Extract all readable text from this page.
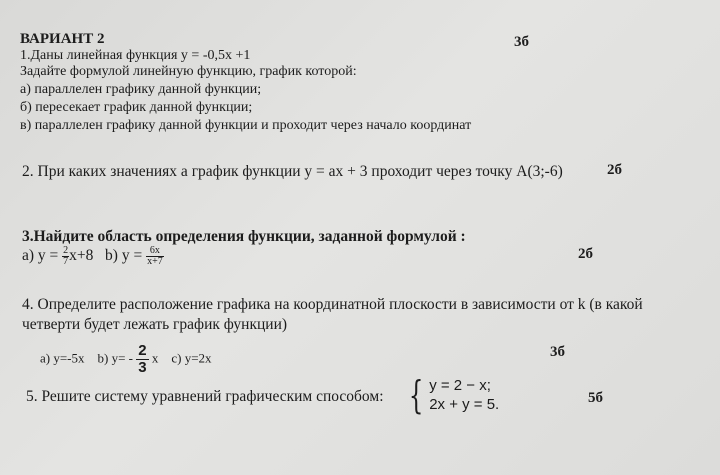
ВАРИАНТ 2	3б
1.Даны линейная функция y = -0,5x +1
Задайте формулой линейную функцию, график которой:
а) параллелен графику данной функции;
б) пересекает график данной функции;
в) параллелен графику данной функции и проходит через начало координат
2. При каких значениях а график функции y = ax + 3 проходит через точку A(3;-6)	2б
3.Найдите область определения функции, заданной формулой :
а) $y = \frac{2}{7} x+8$ b) $y = \frac{6x}{x+7}$	2б
4. Определите расположение графика на координатной плоскости в зависимости от k (в какой
четверти будет лежать график функции)
а) y=-5x b) $y= - \frac{2}{3}$ x c) y=2x	3б
5. Решите систему уравнений графическим способом: { y = 2 − x;
2x + y = 5.	5б
